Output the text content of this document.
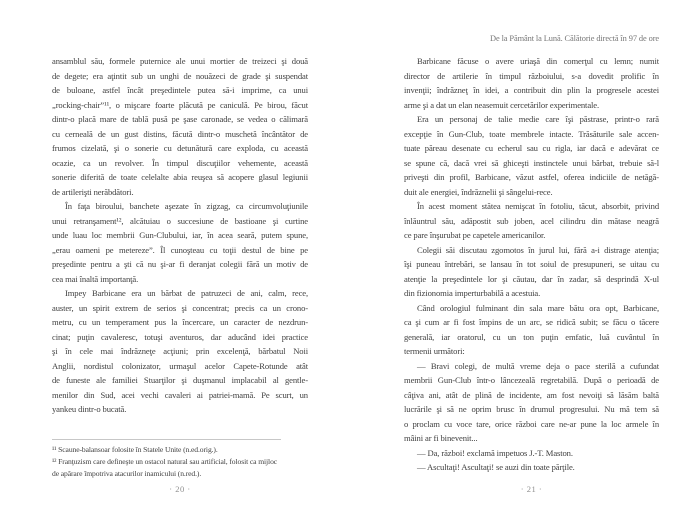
De la Pământ la Lună. Călătorie directă în 97 de ore
ansamblul său, formele puternice ale unui mortier de treizeci şi două
de degete; era aţintit sub un unghi de nouăzeci de grade şi suspendat
de buloane, astfel încât preşedintele putea să-i imprime, ca unui
„rocking-chair”¹¹, o mişcare foarte plăcută pe caniculă. Pe birou, făcut
dintr-o placă mare de tablă pusă pe şase caronade, se vedea o călimară
cu cerneală de un gust distins, făcută dintr-o muschetă încântător de
frumos cizelată, şi o sonerie cu detunătură care exploda, cu această
ocazie, ca un revolver. În timpul discuţiilor vehemente, această
sonerie diferită de toate celelalte abia reuşea să acopere glasul legiunii
de artilerişti nerăbdători.
În faţa biroului, banchete aşezate în zigzag, ca circumvoluţiunile
unui retranşament¹², alcătuiau o succesiune de bastioane şi curtine
unde luau loc membrii Gun-Clubului, iar, în acea seară, putem spune,
„erau oameni pe metereze”. Îl cunoşteau cu toţii destul de bine pe
preşedinte pentru a şti că nu şi-ar fi deranjat colegii fără un motiv de
cea mai înaltă importanţă.
Impey Barbicane era un bărbat de patruzeci de ani, calm, rece,
auster, un spirit extrem de serios şi concentrat; precis ca un crono-
metru, cu un temperament pus la încercare, un caracter de nezdrun-
cinat; puţin cavaleresc, totuşi aventuros, dar aducând idei practice
şi în cele mai îndrăzneţe acţiuni; prin excelenţă, bărbatul Noii
Anglii, nordistul colonizator, urmaşul acelor Capete-Rotunde atât
de funeste ale familiei Stuarţilor şi duşmanul implacabil al gentle-
menilor din Sud, acei vechi cavaleri ai patriei-mamă. Pe scurt, un
yankeu dintr-o bucată.
¹¹ Scaune-balansoar folosite în Statele Unite (n.ed.orig.).
¹² Franţuzism care defineşte un ostacol natural sau artificial, folosit ca mijloc
de apărare împotriva atacurilor inamicului (n.red.).
Barbicane făcuse o avere uriaşă din comerţul cu lemn; numit
director de artilerie în timpul războiului, s-a dovedit prolific în
invenţii; îndrăzneţ în idei, a contribuit din plin la progresele acestei
arme şi a dat un elan neasemuit cercetărilor experimentale.
Era un personaj de talie medie care îşi păstrase, printr-o rară
excepţie în Gun-Club, toate membrele intacte. Trăsăturile sale accen-
tuate păreau desenate cu echerul sau cu rigla, iar dacă e adevărat ce
se spune că, dacă vrei să ghiceşti instinctele unui bărbat, trebuie să-l
priveşti din profil, Barbicane, văzut astfel, oferea indiciile de netăgă-
duit ale energiei, îndrăznelii şi sângelui-rece.
În acest moment stătea nemişcat în fotoliu, tăcut, absorbit, privind
înlăuntrul său, adăpostit sub joben, acel cilindru din mătase neagră
ce pare înşurubat pe capetele americanilor.
Colegii săi discutau zgomotos în jurul lui, fără a-i distrage atenţia;
îşi puneau întrebări, se lansau în tot soiul de presupuneri, se uitau cu
atenţie la preşedintele lor şi căutau, dar în zadar, să desprindă X-ul
din fizionomia imperturbabilă a acestuia.
Când orologiul fulminant din sala mare bătu ora opt, Barbicane,
ca şi cum ar fi fost împins de un arc, se ridică subit; se făcu o tăcere
generală, iar oratorul, cu un ton puţin emfatic, luă cuvântul în
termenii următori:
— Bravi colegi, de multă vreme deja o pace sterilă a cufundat
membrii Gun-Club într-o lâncezeală regretabilă. După o perioadă de
câţiva ani, atât de plină de incidente, am fost nevoiţi să lăsăm baltă
lucrările şi să ne oprim brusc în drumul progresului. Nu mă tem să
o proclam cu voce tare, orice război care ne-ar pune la loc armele în
mâini ar fi binevenit...
— Da, război! exclamă impetuos J.-T. Maston.
— Ascultaţi! Ascultaţi! se auzi din toate părţile.
· 20 ·	· 21 ·
